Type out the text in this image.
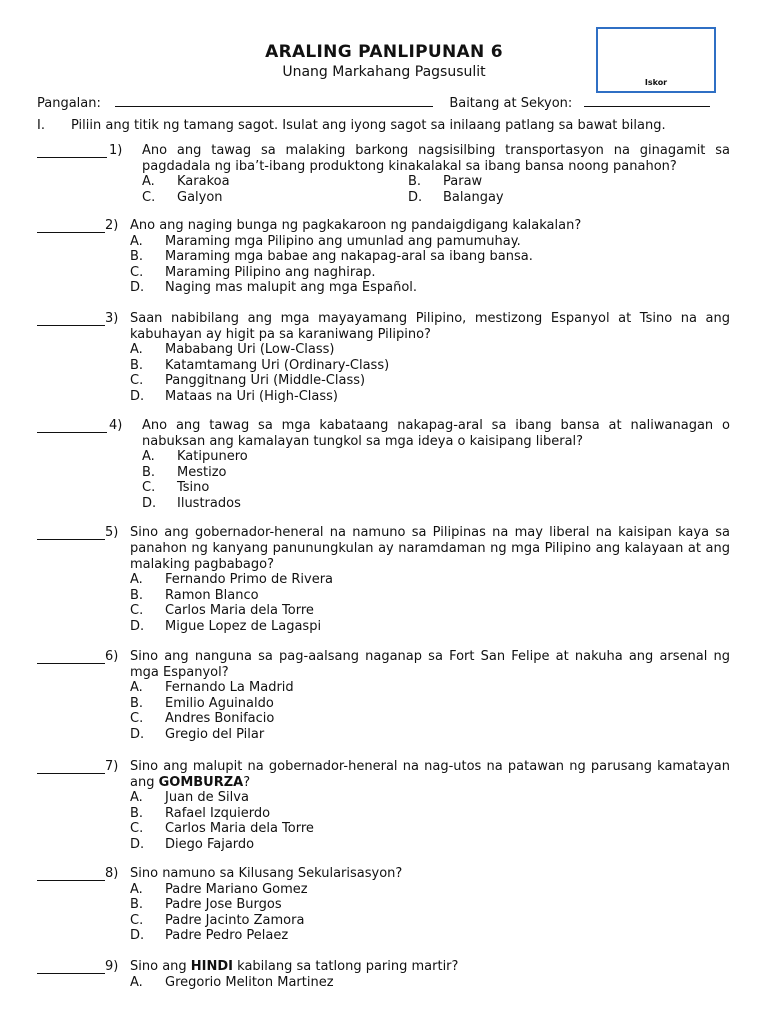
ARALING PANLIPUNAN 6
Unang Markahang Pagsusulit
Iskor
Pangalan:	Baitang at Sekyon:
I. Piliin ang titik ng tamang sagot. Isulat ang iyong sagot sa inilaang patlang sa bawat bilang.
1) Ano ang tawag sa malaking barkong nagsisilbing transportasyon na ginagamit sa pagdadala ng iba’t-ibang produktong kinakalakal sa ibang bansa noong panahon?
A. Karakoa	B. Paraw
C. Galyon	D. Balangay
2) Ano ang naging bunga ng pagkakaroon ng pandaigdigang kalakalan?
A. Maraming mga Pilipino ang umunlad ang pamumuhay.
B. Maraming mga babae ang nakapag-aral sa ibang bansa.
C. Maraming Pilipino ang naghirap.
D. Naging mas malupit ang mga Español.
3) Saan nabibilang ang mga mayayamang Pilipino, mestizong Espanyol at Tsino na ang kabuhayan ay higit pa sa karaniwang Pilipino?
A. Mababang Uri (Low-Class)
B. Katamtamang Uri (Ordinary-Class)
C. Panggitnang Uri (Middle-Class)
D. Mataas na Uri (High-Class)
4) Ano ang tawag sa mga kabataang nakapag-aral sa ibang bansa at naliwanagan o nabuksan ang kamalayan tungkol sa mga ideya o kaisipang liberal?
A. Katipunero
B. Mestizo
C. Tsino
D. Ilustrados
5) Sino ang gobernador-heneral na namuno sa Pilipinas na may liberal na kaisipan kaya sa panahon ng kanyang panunungkulan ay naramdaman ng mga Pilipino ang kalayaan at ang malaking pagbabago?
A. Fernando Primo de Rivera
B. Ramon Blanco
C. Carlos Maria dela Torre
D. Migue Lopez de Lagaspi
6) Sino ang nanguna sa pag-aalsang naganap sa Fort San Felipe at nakuha ang arsenal ng mga Espanyol?
A. Fernando La Madrid
B. Emilio Aguinaldo
C. Andres Bonifacio
D. Gregio del Pilar
7) Sino ang malupit na gobernador-heneral na nag-utos na patawan ng parusang kamatayan ang GOMBURZA?
A. Juan de Silva
B. Rafael Izquierdo
C. Carlos Maria dela Torre
D. Diego Fajardo
8) Sino namuno sa Kilusang Sekularisasyon?
A. Padre Mariano Gomez
B. Padre Jose Burgos
C. Padre Jacinto Zamora
D. Padre Pedro Pelaez
9) Sino ang HINDI kabilang sa tatlong paring martir?
A. Gregorio Meliton Martinez
